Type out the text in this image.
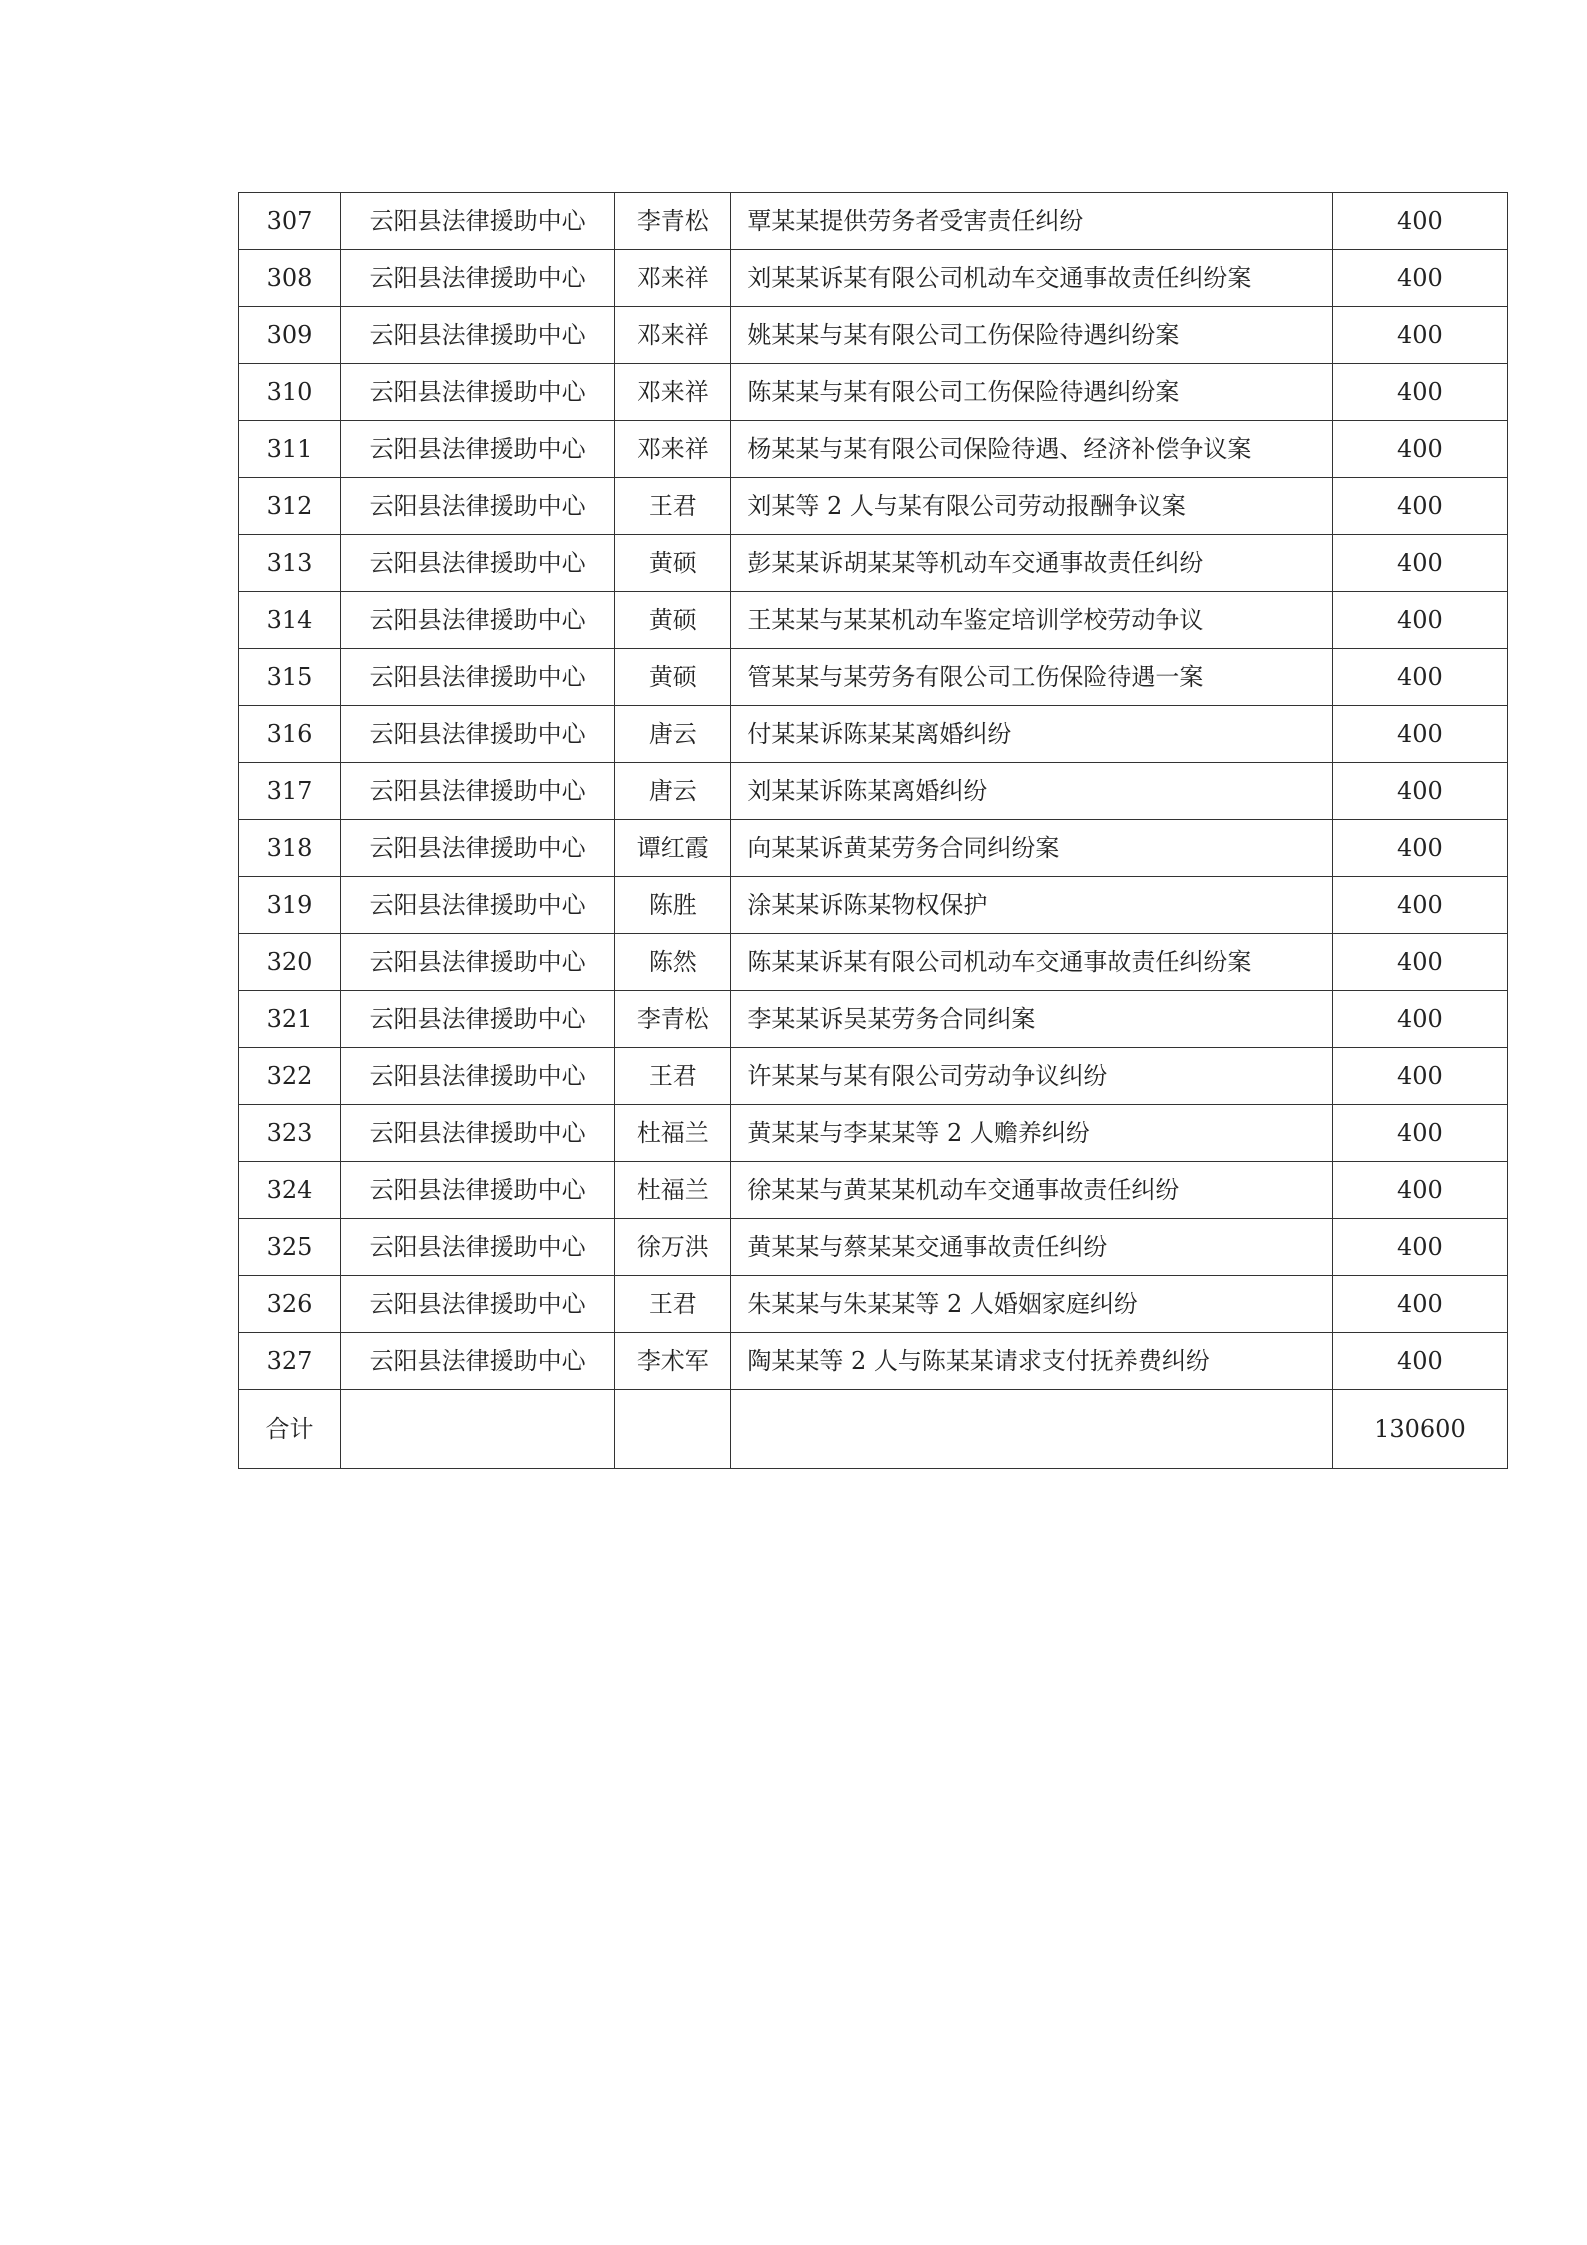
307	云阳县法律援助中心	李青松	覃某某提供劳务者受害责任纠纷	400
308	云阳县法律援助中心	邓来祥	刘某某诉某有限公司机动车交通事故责任纠纷案	400
309	云阳县法律援助中心	邓来祥	姚某某与某有限公司工伤保险待遇纠纷案	400
310	云阳县法律援助中心	邓来祥	陈某某与某有限公司工伤保险待遇纠纷案	400
311	云阳县法律援助中心	邓来祥	杨某某与某有限公司保险待遇、经济补偿争议案	400
312	云阳县法律援助中心	王君	刘某等 2 人与某有限公司劳动报酬争议案	400
313	云阳县法律援助中心	黄硕	彭某某诉胡某某等机动车交通事故责任纠纷	400
314	云阳县法律援助中心	黄硕	王某某与某某机动车鉴定培训学校劳动争议	400
315	云阳县法律援助中心	黄硕	管某某与某劳务有限公司工伤保险待遇一案	400
316	云阳县法律援助中心	唐云	付某某诉陈某某离婚纠纷	400
317	云阳县法律援助中心	唐云	刘某某诉陈某离婚纠纷	400
318	云阳县法律援助中心	谭红霞	向某某诉黄某劳务合同纠纷案	400
319	云阳县法律援助中心	陈胜	涂某某诉陈某物权保护	400
320	云阳县法律援助中心	陈然	陈某某诉某有限公司机动车交通事故责任纠纷案	400
321	云阳县法律援助中心	李青松	李某某诉吴某劳务合同纠案	400
322	云阳县法律援助中心	王君	许某某与某有限公司劳动争议纠纷	400
323	云阳县法律援助中心	杜福兰	黄某某与李某某等 2 人赡养纠纷	400
324	云阳县法律援助中心	杜福兰	徐某某与黄某某机动车交通事故责任纠纷	400
325	云阳县法律援助中心	徐万洪	黄某某与蔡某某交通事故责任纠纷	400
326	云阳县法律援助中心	王君	朱某某与朱某某等 2 人婚姻家庭纠纷	400
327	云阳县法律援助中心	李术军	陶某某等 2 人与陈某某请求支付抚养费纠纷	400
合计				130600
